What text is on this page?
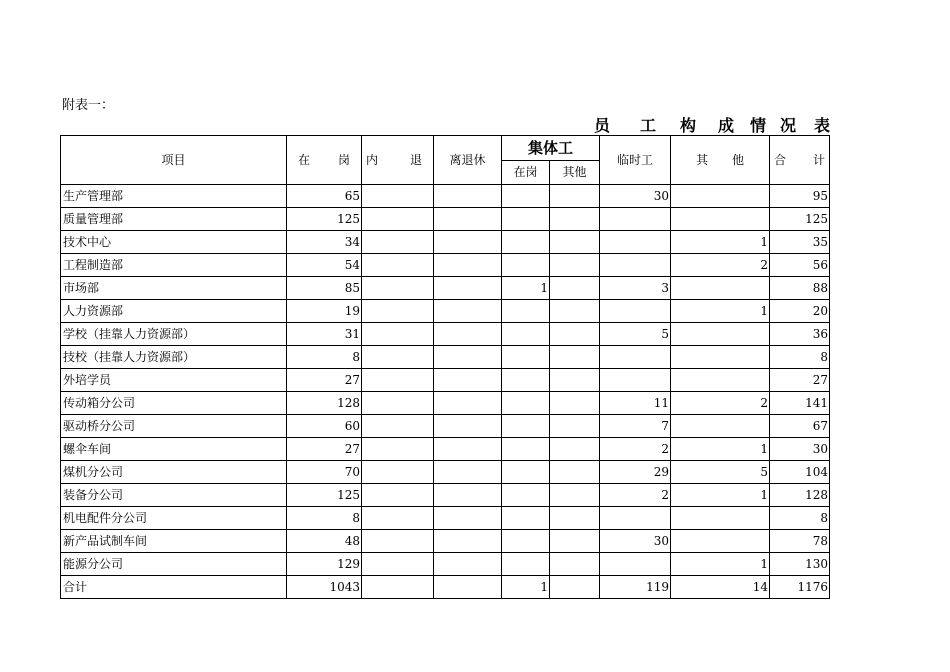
附表一：
员 工 构 成 情 况 表
项目	在 岗	内 退	离退休	集体工		临时工	其 他	合 计

				在岗	其他			
生产管理部	65					30		95
质量管理部	125							125
技术中心	34						1	35
工程制造部	54						2	56
市场部	85			1		3		88
人力资源部	19						1	20
学校（挂靠人力资源部）	31					5		36
技校（挂靠人力资源部）	8							8
外培学员	27							27
传动箱分公司	128					11	2	141
驱动桥分公司	60					7		67
螺伞车间	27					2	1	30
煤机分公司	70					29	5	104
装备分公司	125					2	1	128
机电配件分公司	8							8
新产品试制车间	48					30		78
能源分公司	129						1	130
合计	1043			1		119	14	1176
